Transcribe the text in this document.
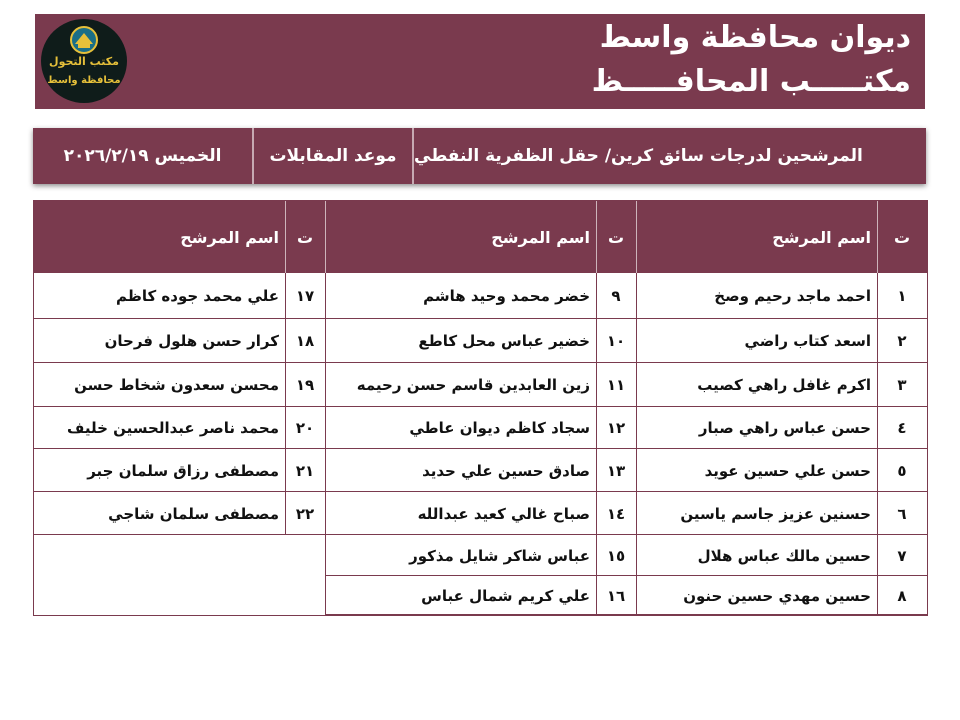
مكتب التحول
محافظة واسط
ديوان محافظة واسط
مكتـــــب المحافـــــظ
المرشحين لدرجات سائق كرين/ حقل الظفرية النفطي
موعد المقابلات
الخميس ٢٠٢٦/٢/١٩
ت
اسم المرشح
١
احمد ماجد رحيم وصخ
٢
اسعد كتاب راضي
٣
اكرم غافل راهي كصيب
٤
حسن عباس راهي صبار
٥
حسن علي حسين عويد
٦
حسنين عزيز جاسم ياسين
٧
حسين مالك عباس هلال
٨
حسين مهدي حسين حنون
ت
اسم المرشح
٩
خضر محمد وحيد هاشم
١٠
خضير عباس محل كاطع
١١
زين العابدين قاسم حسن رحيمه
١٢
سجاد كاظم ديوان عاطي
١٣
صادق حسين علي حديد
١٤
صباح غالي كعيد عبدالله
١٥
عباس شاكر شايل مذكور
١٦
علي كريم شمال عباس
ت
اسم المرشح
١٧
علي محمد جوده كاظم
١٨
كرار حسن هلول فرحان
١٩
محسن سعدون شخاط حسن
٢٠
محمد ناصر عبدالحسين خليف
٢١
مصطفى رزاق سلمان جبر
٢٢
مصطفى سلمان شاجي
